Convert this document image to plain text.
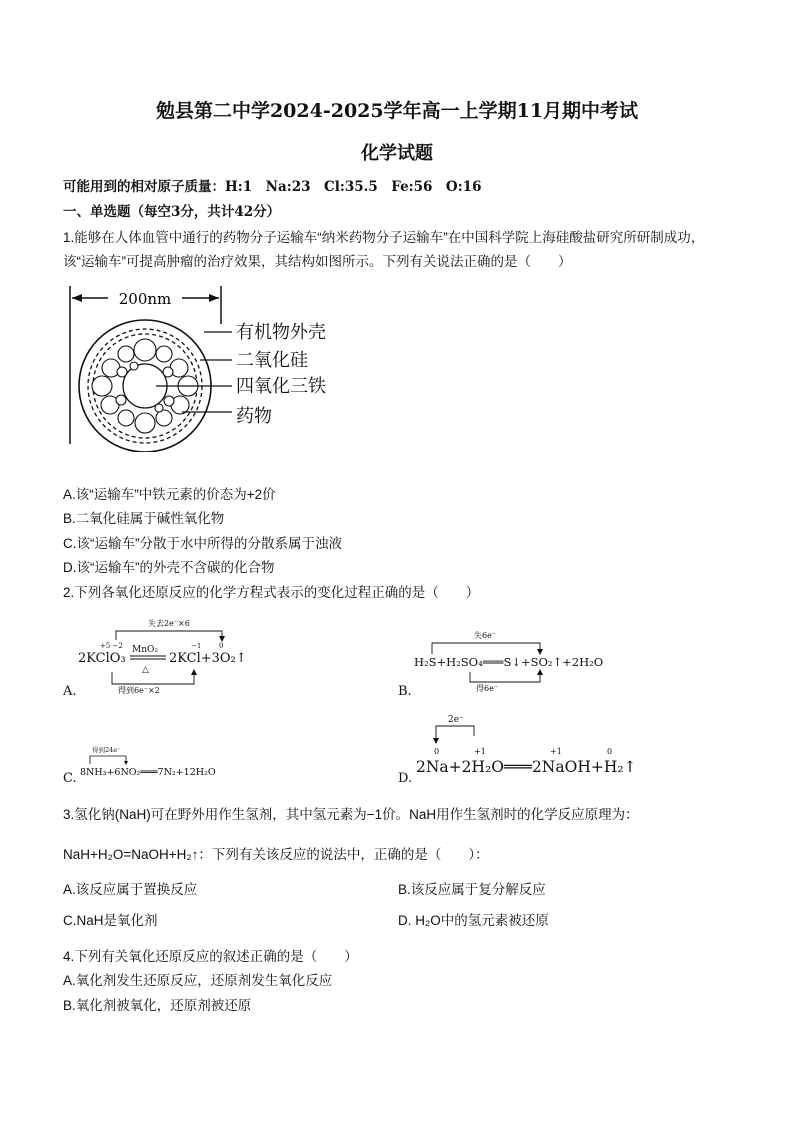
勉县第二中学2024-2025学年高一上学期11月期中考试
化学试题
可能用到的相对原子质量：H:1　Na:23　Cl:35.5　Fe:56　O:16
一、单选题（每空3分，共计42分）
1.能够在人体血管中通行的药物分子运输车“纳米药物分子运输车”在中国科学院上海硅酸盐研究所研制成功，
该“运输车”可提高肿瘤的治疗效果，其结构如图所示。下列有关说法正确的是（　　）
200nm
有机物外壳
二氧化硅
四氧化三铁
药物
A.该“运输车”中铁元素的价态为+2价
B.二氧化硅属于碱性氧化物
C.该“运输车”分散于水中所得的分散系属于浊液
D.该“运输车”的外壳不含碳的化合物
2.下列各氧化还原反应的化学方程式表示的变化过程正确的是（　　）
A.
失去2e⁻×6
得到6e⁻×2
+5 −2	−1	0
2KClO₃
MnO₂
△
2KCl+3O₂↑
B.
失6e⁻
得6e⁻
H₂S+H₂SO₄═══S↓+SO₂↑+2H₂O
C.
得到24e⁻
8NH₃+6NO₂═══7N₂+12H₂O	D.
2e⁻
0	+1	+1	0
2Na+2H₂O═══2NaOH+H₂↑
3.氢化钠(NaH)可在野外用作生氢剂，其中氢元素为−1价。NaH用作生氢剂时的化学反应原理为：
NaH+H₂O=NaOH+H₂↑：下列有关该反应的说法中，正确的是（　　）：
A.该反应属于置换反应	B.该反应属于复分解反应
C.NaH是氧化剂	D. H₂O中的氢元素被还原
4.下列有关氧化还原反应的叙述正确的是（　　）
A.氧化剂发生还原反应，还原剂发生氧化反应
B.氧化剂被氧化，还原剂被还原
